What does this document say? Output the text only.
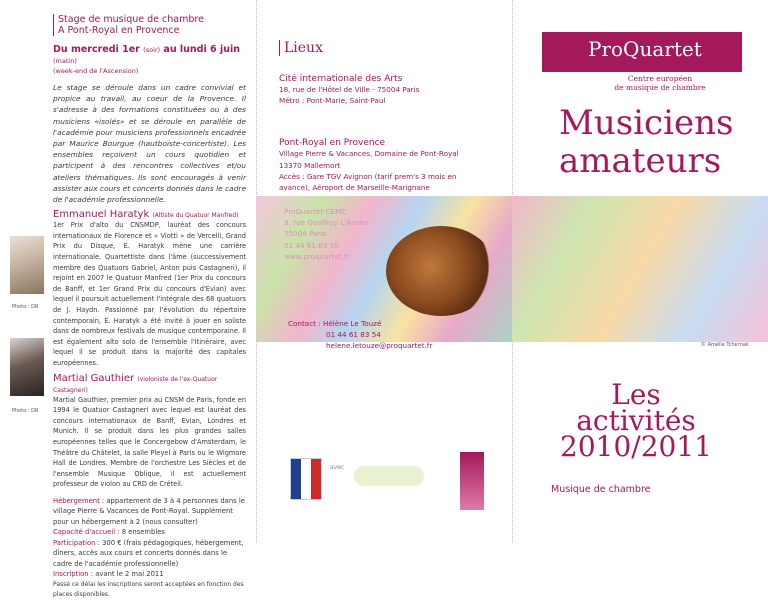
Stage de musique de chambre
A Pont-Royal en Provence
Du mercredi 1er (soir) au lundi 6 juin (matin)
(week-end de l'Ascension)
Le stage se déroule dans un cadre convivial et propice au travail, au coeur de la Provence. Il s'adresse à des formations constituées ou à des musiciens «isolés» et se déroule en parallèle de l'académie pour musiciens professionnels encadrée par Maurice Bourgue (hautboïste-concertiste). Les ensembles reçoivent un cours quotidien et participent à des rencontres collectives et/ou ateliers thématiques. Ils sont encouragés à venir assister aux cours et concerts donnés dans le cadre de l'académie professionnelle.
Emmanuel Haratyk (Altiste du Quatuor Manfred)
1er Prix d'alto du CNSMDP, lauréat des concours internationaux de Florence et « Viotti » de Vercelli, Grand Prix du Disque, E. Haratyk mène une carrière internationale. Quartettiste dans l'âme (successivement membre des Quatuors Gabriel, Anton puis Castagneri), il rejoint en 2007 le Quatuor Manfred (1er Prix du concours de Banff, et 1er Grand Prix du concours d'Evian) avec lequel il poursuit actuellement l'intégrale des 68 quatuors de J. Haydn. Passionné par l'évolution du répertoire contemporain, E. Haratyk a été invité à jouer en soliste dans de nombreux festivals de musique contemporaine. Il est également alto solo de l'ensemble l'Itinéraire, avec lequel il se produit dans la majorité des capitales européennes.
Martial Gauthier (violoniste de l'ex-Quatuor Castagneri)
Martial Gauthier, premier prix au CNSM de Paris, fonde en 1994 le Quatuor Castagneri avec lequel est lauréat des concours internationaux de Banff, Evian, Londres et Munich. Il se produit dans les plus grandes salles européennes telles que le Concergebow d'Amsterdam, le Théâtre du Châtelet, la salle Pleyel à Paris ou le Wigmore Hall de Londres. Membre de l'orchestre Les Siècles et de l'ensemble Musique Oblique, il est actuellement professeur de violon au CRD de Créteil.
Hébergement : appartement de 3 à 4 personnes dans le village Pierre & Vacances de Pont-Royal. Supplément pour un hébergement à 2 (nous consulter)
Capacité d'accueil : 8 ensembles
Participation : 300 € (frais pédagogiques, hébergement, dîners, accès aux cours et concerts donnés dans le cadre de l'académie professionnelle)
Inscription : avant le 2 mai 2011
Passé ce délai les inscriptions seront acceptées en fonction des places disponibles.
Photo : DR
Photo : DR
Lieux
Cité internationale des Arts
18, rue de l'Hôtel de Ville - 75004 Paris
Métro : Pont-Marie, Saint-Paul
Pont-Royal en Provence
Village Pierre & Vacances, Domaine de Pont-Royal
13370 Mallemort
Accès : Gare TGV Avignon (tarif prem's 3 mois en avance), Aéroport de Marseille-Marignane
ProQuartet-CEMC
9, rue Geoffroy L'Asnier
75004 Paris
01 44 61 83 50
www.proquartet.fr
Contact : Hélène Le Touzé
01 44 61 83 54
helene.letouze@proquartet.fr
avec
ProQuartet
Centre européen
de musique de chambre
Musiciens
amateurs
© Amélie Tchernak
Les activités
2010/2011
Musique de chambre
